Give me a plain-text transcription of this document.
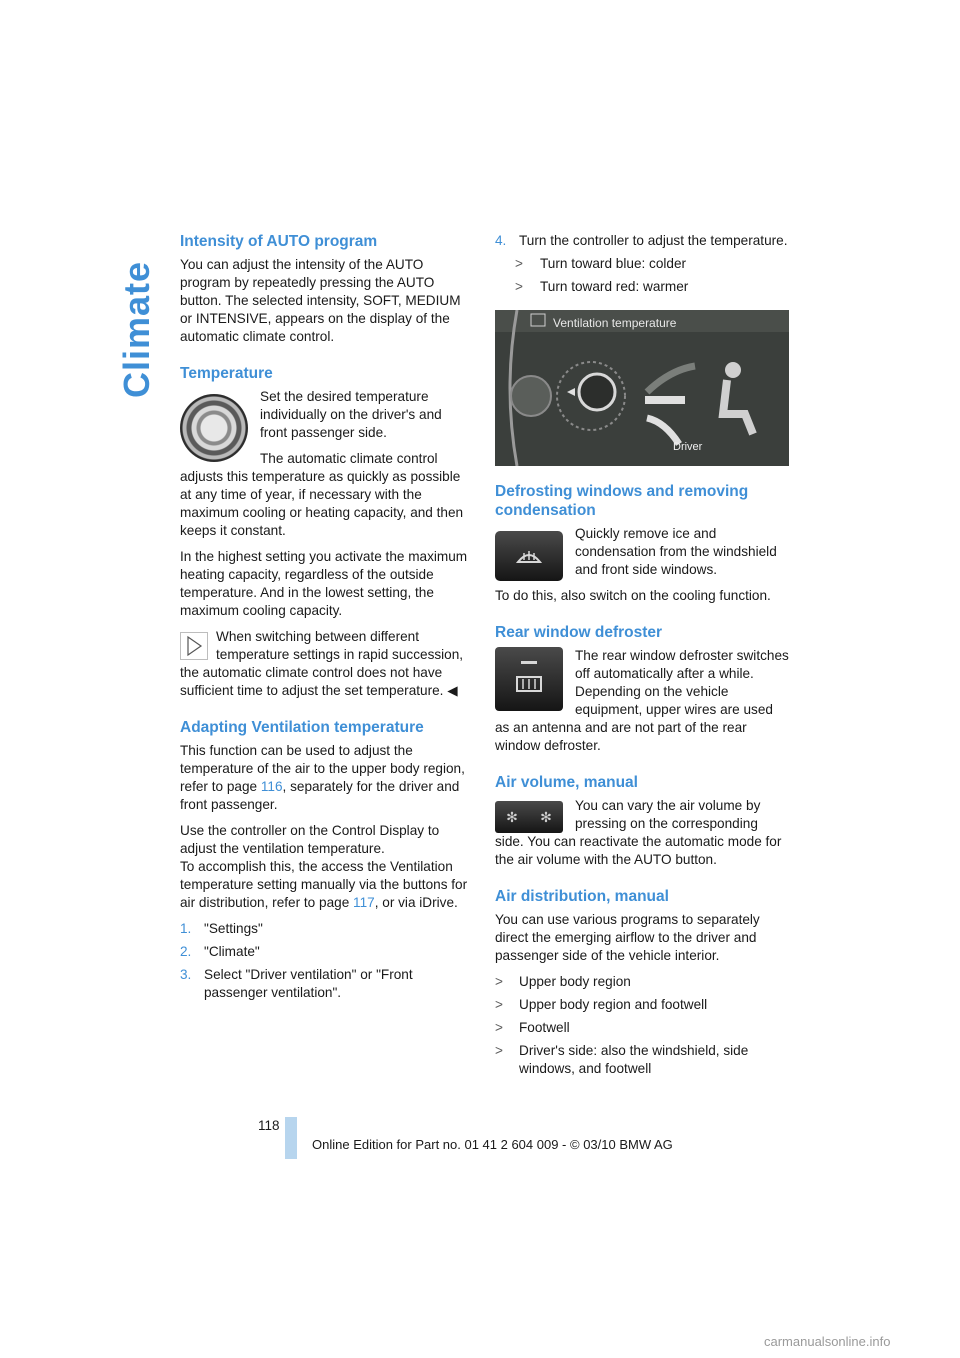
Climate
Intensity of AUTO program

You can adjust the intensity of the AUTO program by repeatedly pressing the AUTO button. The selected intensity, SOFT, MEDIUM or INTENSIVE, appears on the display of the automatic climate control.

Temperature

Set the desired temperature individually on the driver's and front passenger side.

The automatic climate control adjusts this temperature as quickly as possible at any time of year, if necessary with the maximum cooling or heating capacity, and then keeps it constant.

In the highest setting you activate the maximum heating capacity, regardless of the outside temperature. And in the lowest setting, the maximum cooling capacity.

When switching between different temperature settings in rapid succession, the automatic climate control does not have sufficient time to adjust the set temperature. ◀

Adapting Ventilation temperature

This function can be used to adjust the temperature of the air to the upper body region, refer to page 116, separately for the driver and front passenger.

Use the controller on the Control Display to adjust the ventilation temperature.
To accomplish this, the access the Ventilation temperature setting manually via the buttons for air distribution, refer to page 117, or via iDrive.

1. "Settings"
2. "Climate"
3. Select "Driver ventilation" or "Front passenger ventilation".
4. Turn the controller to adjust the temperature.
> Turn toward blue: colder
> Turn toward red: warmer
Ventilation temperature
Driver
Defrosting windows and removing condensation

Quickly remove ice and condensation from the windshield and front side windows.

To do this, also switch on the cooling function.

Rear window defroster

The rear window defroster switches off automatically after a while. Depending on the vehicle equipment, upper wires are used as an antenna and are not part of the rear window defroster.

Air volume, manual
✻ ✻

You can vary the air volume by pressing on the corresponding side. You can reactivate the automatic mode for the air volume with the AUTO button.

Air distribution, manual

You can use various programs to separately direct the emerging airflow to the driver and passenger side of the vehicle interior.

> Upper body region
> Upper body region and footwell
> Footwell
> Driver's side: also the windshield, side windows, and footwell
118
Online Edition for Part no. 01 41 2 604 009 - © 03/10 BMW AG
carmanualsonline.info
